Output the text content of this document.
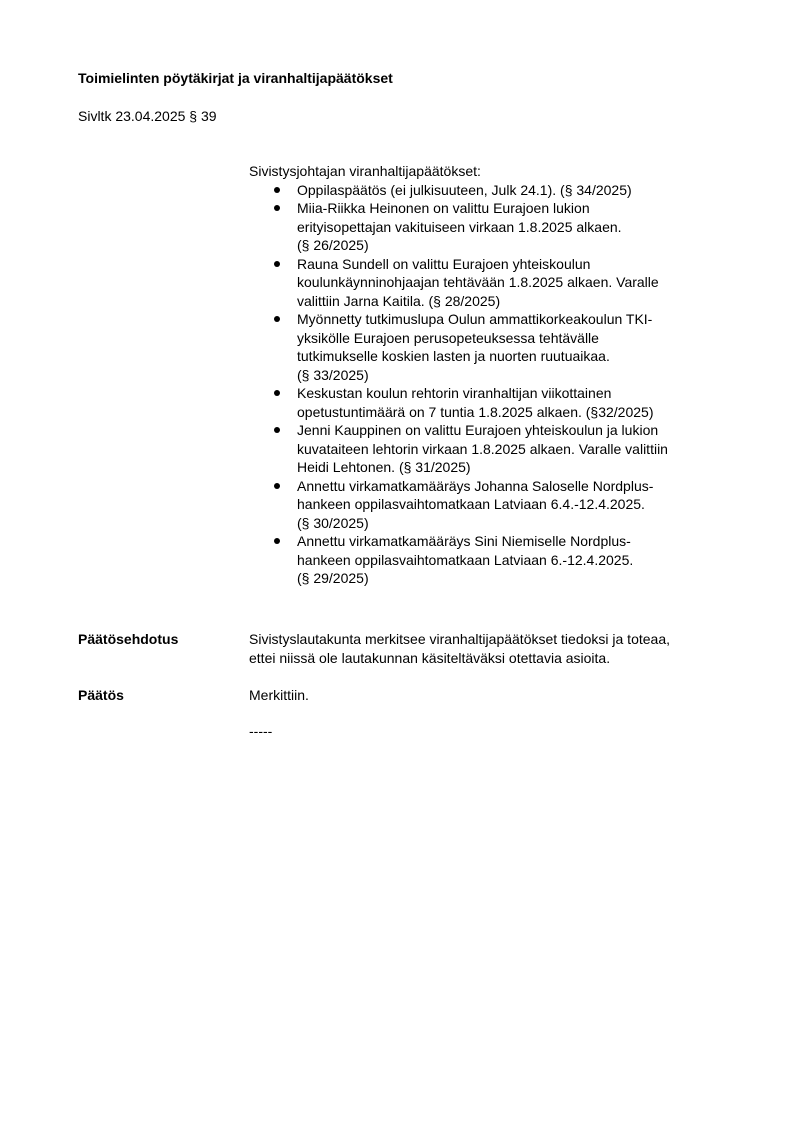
Toimielinten pöytäkirjat ja viranhaltijapäätökset
Sivltk 23.04.2025 § 39

Sivistysjohtajan viranhaltijapäätökset:

Oppilaspäätös (ei julkisuuteen, Julk 24.1). (§ 34/2025)
Miia-Riikka Heinonen on valittu Eurajoen lukion
erityisopettajan vakituiseen virkaan 1.8.2025 alkaen.
(§ 26/2025)
Rauna Sundell on valittu Eurajoen yhteiskoulun
koulunkäynninohjaajan tehtävään 1.8.2025 alkaen. Varalle
valittiin Jarna Kaitila. (§ 28/2025)
Myönnetty tutkimuslupa Oulun ammattikorkeakoulun TKI-
yksikölle Eurajoen perusopeteuksessa tehtävälle
tutkimukselle koskien lasten ja nuorten ruutuaikaa.
(§ 33/2025)
Keskustan koulun rehtorin viranhaltijan viikottainen
opetustuntimäärä on 7 tuntia 1.8.2025 alkaen. (§32/2025)
Jenni Kauppinen on valittu Eurajoen yhteiskoulun ja lukion
kuvataiteen lehtorin virkaan 1.8.2025 alkaen. Varalle valittiin
Heidi Lehtonen. (§ 31/2025)
Annettu virkamatkamääräys Johanna Saloselle Nordplus-
hankeen oppilasvaihtomatkaan Latviaan 6.4.-12.4.2025.
(§ 30/2025)
Annettu virkamatkamääräys Sini Niemiselle Nordplus-
hankeen oppilasvaihtomatkaan Latviaan 6.-12.4.2025.
(§ 29/2025)
Päätösehdotus	Sivistyslautakunta merkitsee viranhaltijapäätökset tiedoksi ja toteaa,
ettei niissä ole lautakunnan käsiteltäväksi otettavia asioita.
Päätös	Merkittiin.
-----
